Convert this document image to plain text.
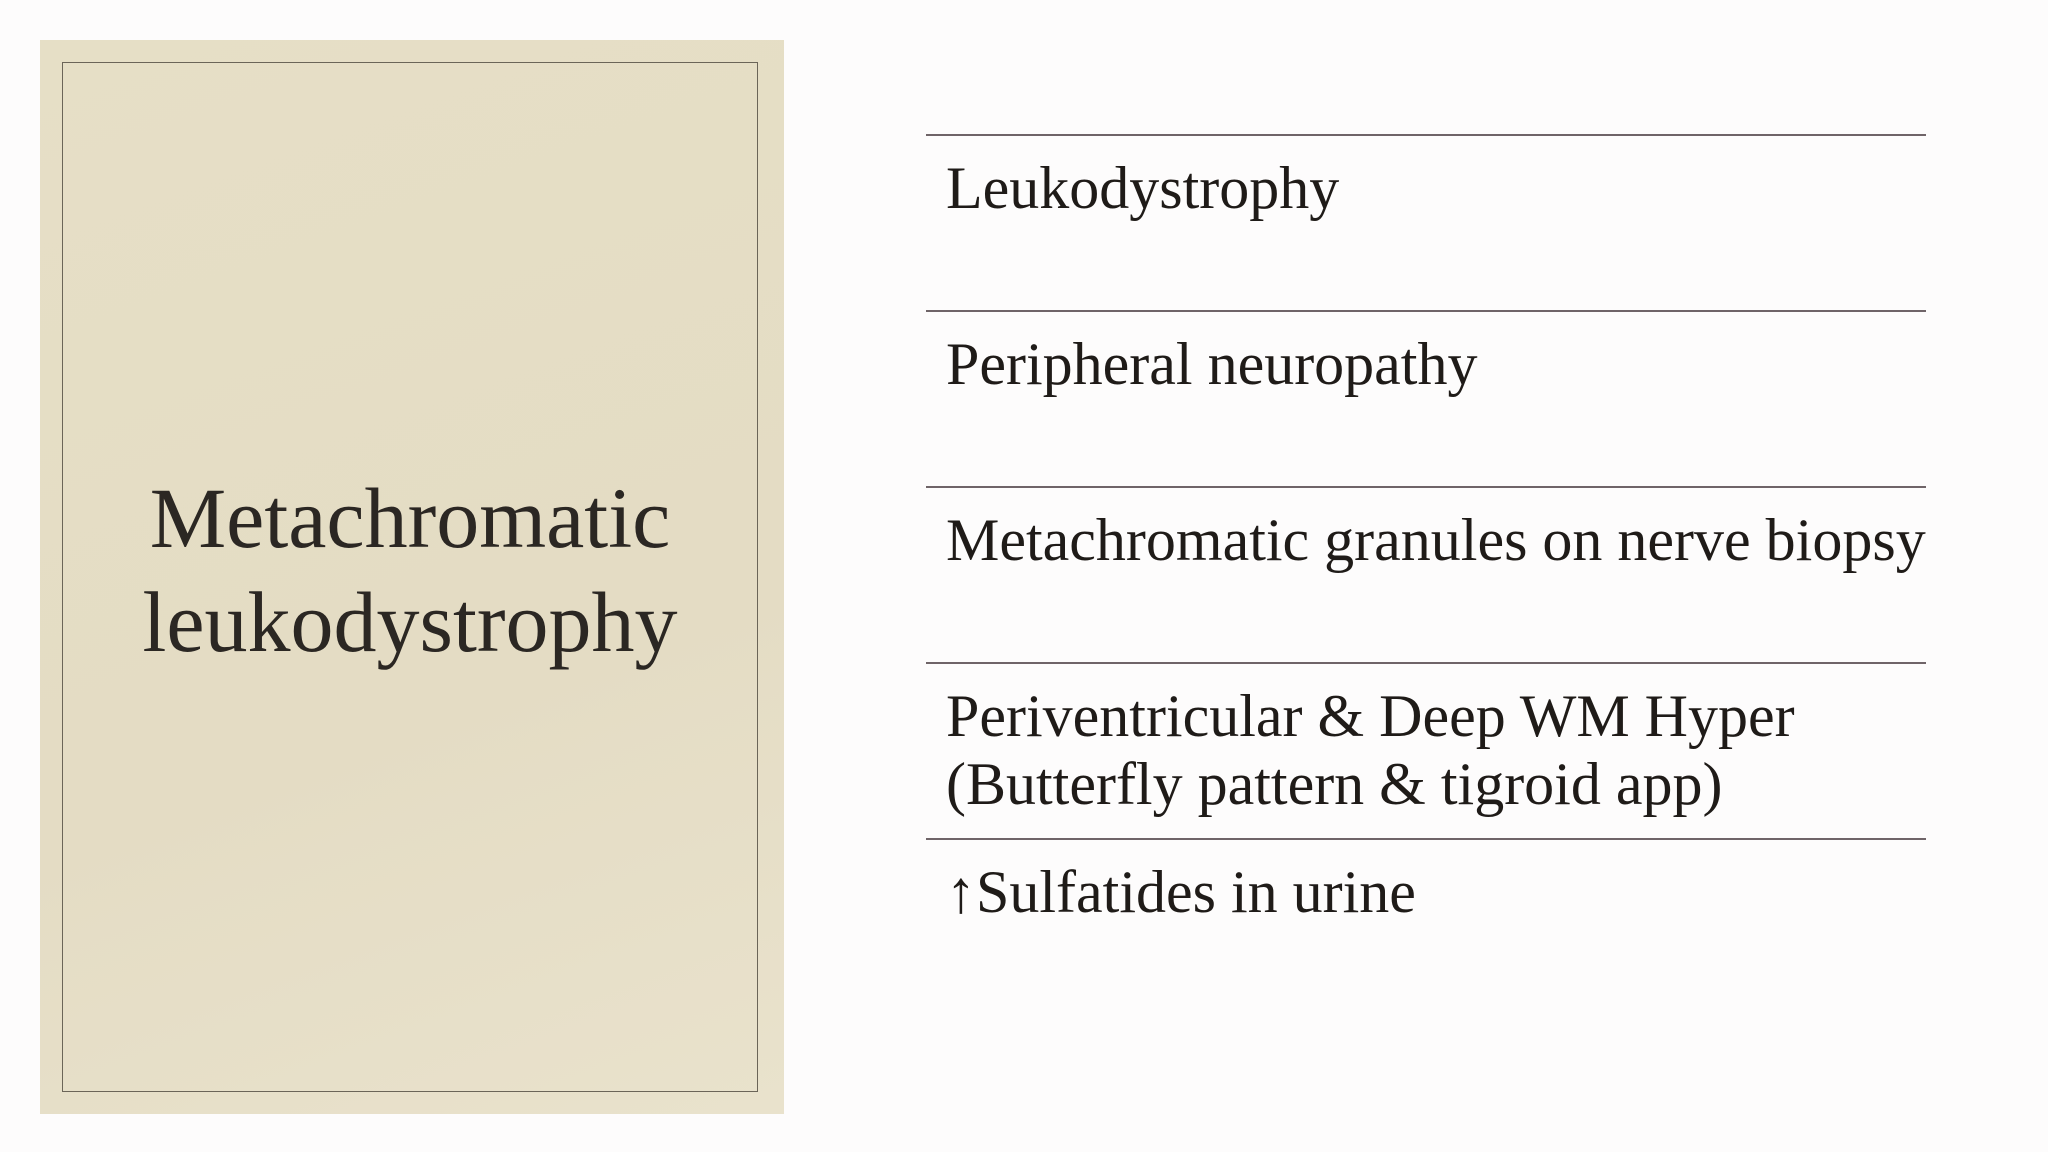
Metachromatic leukodystrophy
Leukodystrophy
Peripheral neuropathy
Metachromatic granules on nerve biopsy
Periventricular & Deep WM Hyper (Butterfly pattern & tigroid app)
↑Sulfatides in urine
